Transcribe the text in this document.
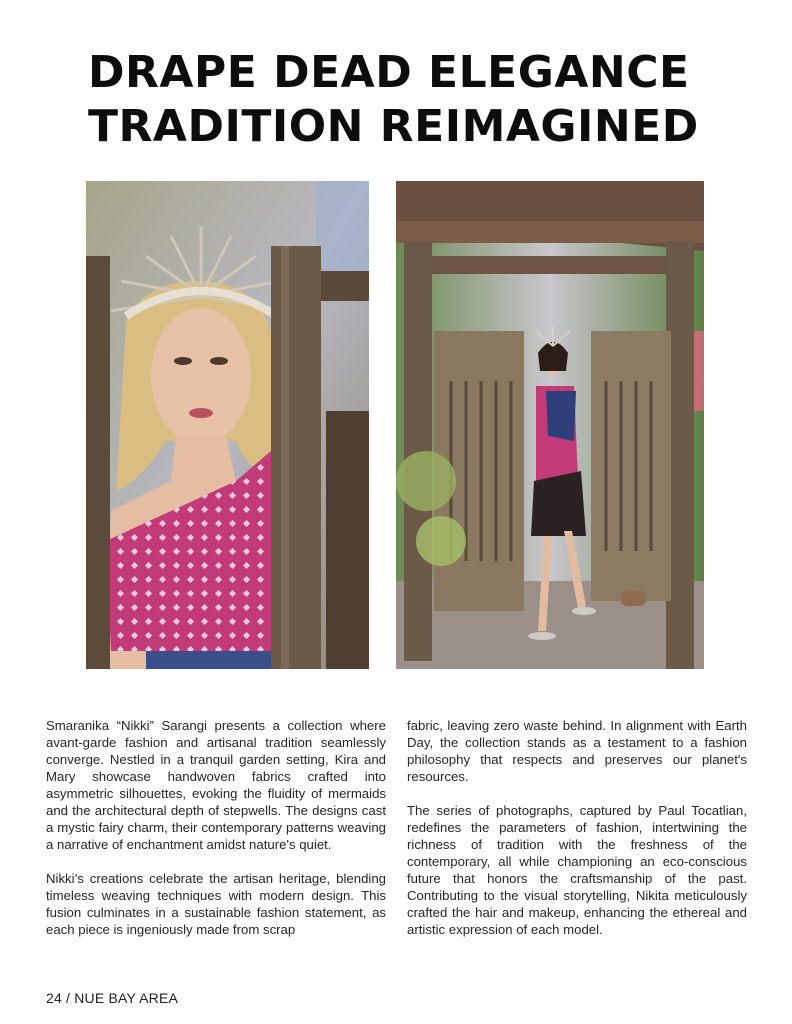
DRAPE DEAD ELEGANCE
TRADITION REIMAGINED

Smaranika “Nikki” Sarangi presents a collection where avant-garde fashion and artisanal tradition seamlessly converge. Nestled in a tranquil garden setting, Kira and Mary showcase handwoven fabrics crafted into asymmetric silhouettes, evoking the fluidity of mermaids and the architectural depth of stepwells. The designs cast a mystic fairy charm, their contemporary patterns weaving a narrative of enchantment amidst nature's quiet.

Nikki’s creations celebrate the artisan heritage, blending timeless weaving techniques with modern design. This fusion culminates in a sustainable fashion statement, as each piece is ingeniously made from scrap

fabric, leaving zero waste behind. In alignment with Earth Day, the collection stands as a testament to a fashion philosophy that respects and preserves our planet's resources.

The series of photographs, captured by Paul Tocatlian, redefines the parameters of fashion, intertwining the richness of tradition with the freshness of the contemporary, all while championing an eco-conscious future that honors the craftsmanship of the past. Contributing to the visual storytelling, Nikita meticulously crafted the hair and makeup, enhancing the ethereal and artistic expression of each model.

24 / NUE BAY AREA
